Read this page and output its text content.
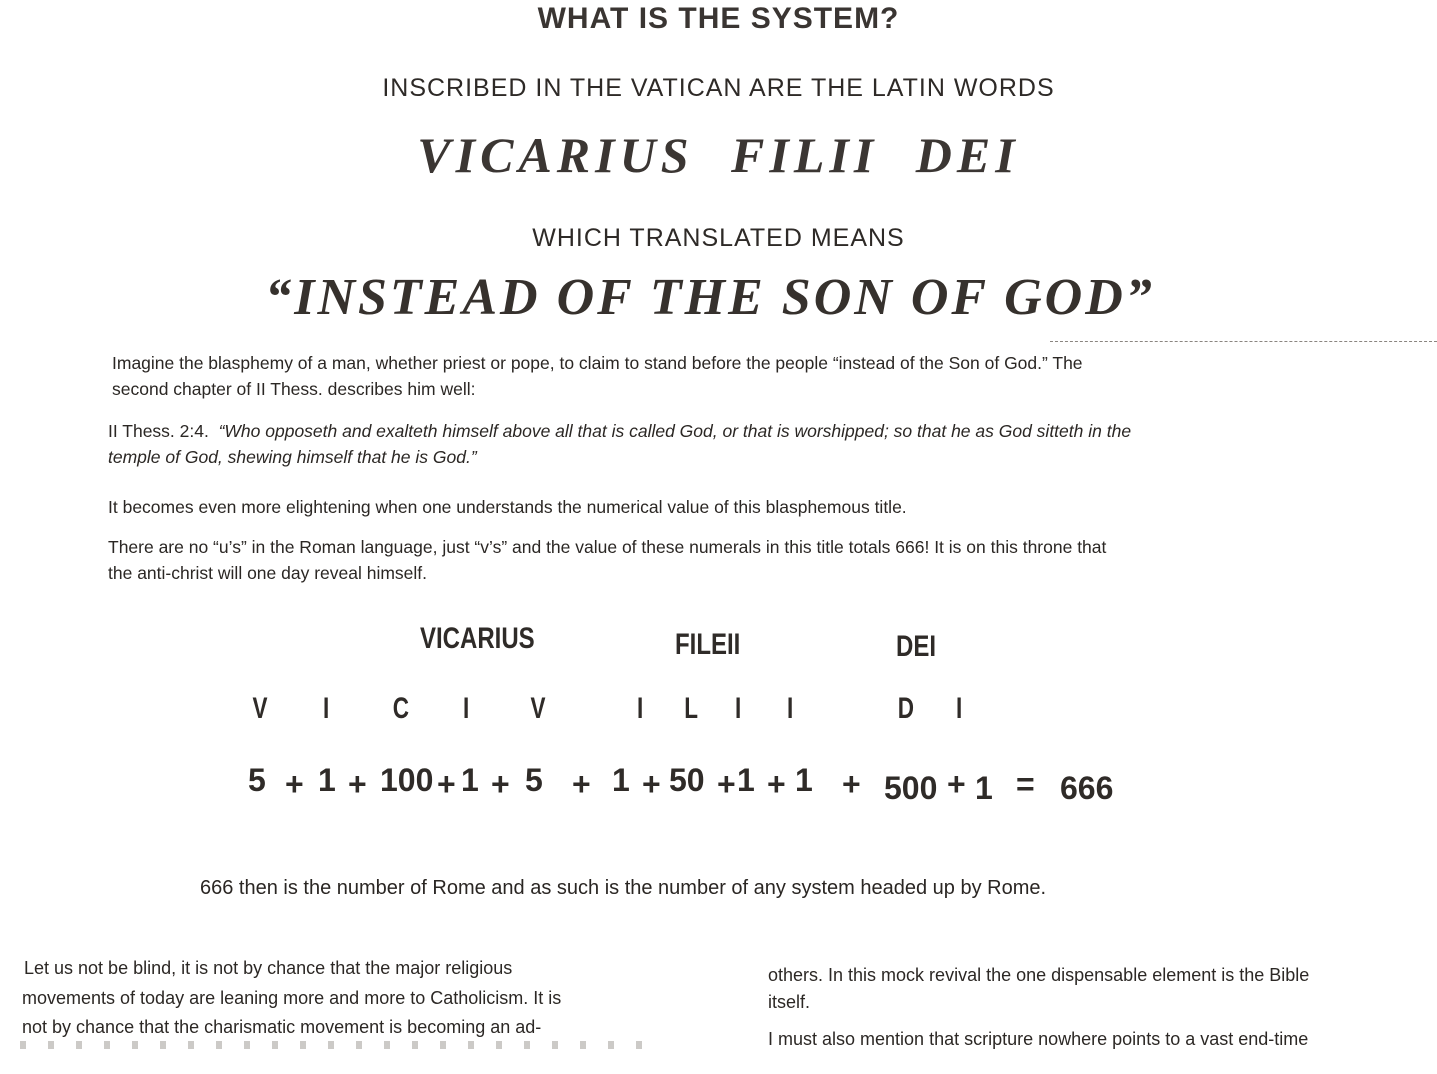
WHAT IS THE SYSTEM?
INSCRIBED IN THE VATICAN ARE THE LATIN WORDS
VICARIUS FILII DEI
WHICH TRANSLATED MEANS
“INSTEAD OF THE SON OF GOD”
Imagine the blasphemy of a man, whether priest or pope, to claim to stand before the people “instead of the Son of God.” The
second chapter of II Thess. describes him well:
II Thess. 2:4. “Who opposeth and exalteth himself above all that is called God, or that is worshipped; so that he as God sitteth in the
temple of God, shewing himself that he is God.”
It becomes even more elightening when one understands the numerical value of this blasphemous title.
There are no “u’s” in the Roman language, just “v’s” and the value of these numerals in this title totals 666! It is on this throne that
the anti-christ will one day reveal himself.
VICARIUS	FILEII	DEI
V I C I V	I L I I	D I
5 + 1 + 100 + 1 + 5 + 1 + 50 + 1 + 1 + 500 + 1 = 666
666 then is the number of Rome and as such is the number of any system headed up by Rome.
Let us not be blind, it is not by chance that the major religious
movements of today are leaning more and more to Catholicism. It is
not by chance that the charismatic movement is becoming an ad-
others. In this mock revival the one dispensable element is the Bible
itself.
I must also mention that scripture nowhere points to a vast end-time
